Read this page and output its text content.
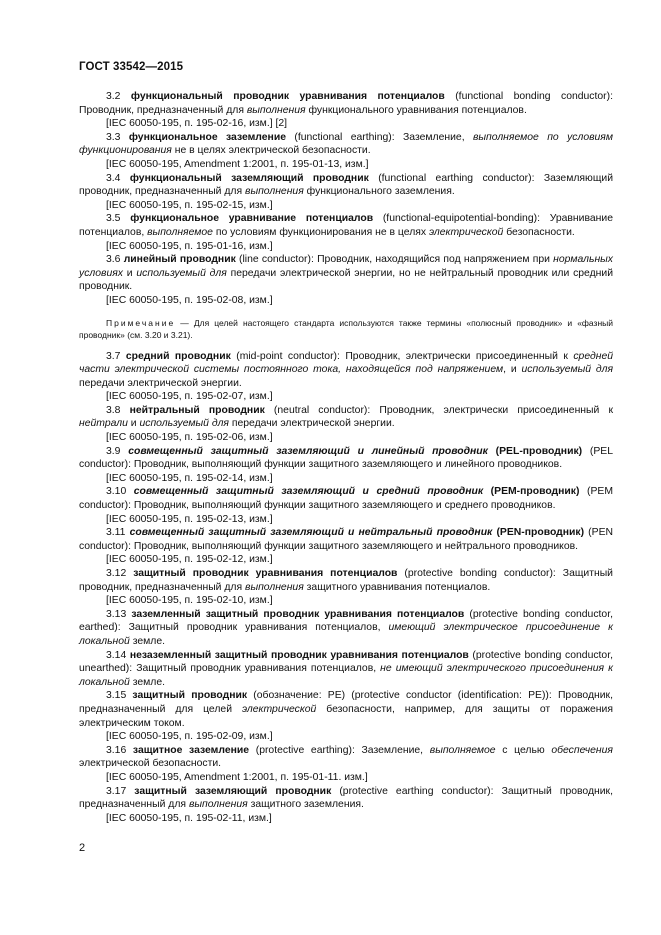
ГОСТ 33542—2015

3.2 функциональный проводник уравнивания потенциалов (functional bonding conductor): Проводник, предназначенный для выполнения функционального уравнивания потенциалов.

[IEC 60050-195, п. 195-02-16, изм.] [2]

3.3 функциональное заземление (functional earthing): Заземление, выполняемое по условиям функционирования не в целях электрической безопасности.

[IEC 60050-195, Amendment 1:2001, п. 195-01-13, изм.]

3.4 функциональный заземляющий проводник (functional earthing conductor): Заземляющий проводник, предназначенный для выполнения функционального заземления.

[IEC 60050-195, п. 195-02-15, изм.]

3.5 функциональное уравнивание потенциалов (functional-equipotential-bonding): Уравнивание потенциалов, выполняемое по условиям функционирования не в целях электрической безопасности.

[IEC 60050-195, п. 195-01-16, изм.]

3.6 линейный проводник (line conductor): Проводник, находящийся под напряжением при нормальных условиях и используемый для передачи электрической энергии, но не нейтральный проводник или средний проводник.

[IEC 60050-195, п. 195-02-08, изм.]

Примечание — Для целей настоящего стандарта используются также термины «полюсный проводник» и «фазный проводник» (см. 3.20 и 3.21).

3.7 средний проводник (mid-point conductor): Проводник, электрически присоединенный к средней части электрической системы постоянного тока, находящейся под напряжением, и используемый для передачи электрической энергии.

[IEC 60050-195, п. 195-02-07, изм.]

3.8 нейтральный проводник (neutral conductor): Проводник, электрически присоединенный к нейтрали и используемый для передачи электрической энергии.

[IEC 60050-195, п. 195-02-06, изм.]

3.9 совмещенный защитный заземляющий и линейный проводник (PEL-проводник) (PEL conductor): Проводник, выполняющий функции защитного заземляющего и линейного проводников.

[IEC 60050-195, п. 195-02-14, изм.]

3.10 совмещенный защитный заземляющий и средний проводник (PEM-проводник) (PEM conductor): Проводник, выполняющий функции защитного заземляющего и среднего проводников.

[IEC 60050-195, п. 195-02-13, изм.]

3.11 совмещенный защитный заземляющий и нейтральный проводник (PEN-проводник) (PEN conductor): Проводник, выполняющий функции защитного заземляющего и нейтрального проводников.

[IEC 60050-195, п. 195-02-12, изм.]

3.12 защитный проводник уравнивания потенциалов (protective bonding conductor): Защитный проводник, предназначенный для выполнения защитного уравнивания потенциалов.

[IEC 60050-195, п. 195-02-10, изм.]

3.13 заземленный защитный проводник уравнивания потенциалов (protective bonding conductor, earthed): Защитный проводник уравнивания потенциалов, имеющий электрическое присоединение к локальной земле.

3.14 незаземленный защитный проводник уравнивания потенциалов (protective bonding conductor, unearthed): Защитный проводник уравнивания потенциалов, не имеющий электрического присоединения к локальной земле.

3.15 защитный проводник (обозначение: PE) (protective conductor (identification: PE)): Проводник, предназначенный для целей электрической безопасности, например, для защиты от поражения электрическим током.

[IEC 60050-195, п. 195-02-09, изм.]

3.16 защитное заземление (protective earthing): Заземление, выполняемое с целью обеспечения электрической безопасности.

[IEC 60050-195, Amendment 1:2001, п. 195-01-11. изм.]

3.17 защитный заземляющий проводник (protective earthing conductor): Защитный проводник, предназначенный для выполнения защитного заземления.

[IEC 60050-195, п. 195-02-11, изм.]

2
